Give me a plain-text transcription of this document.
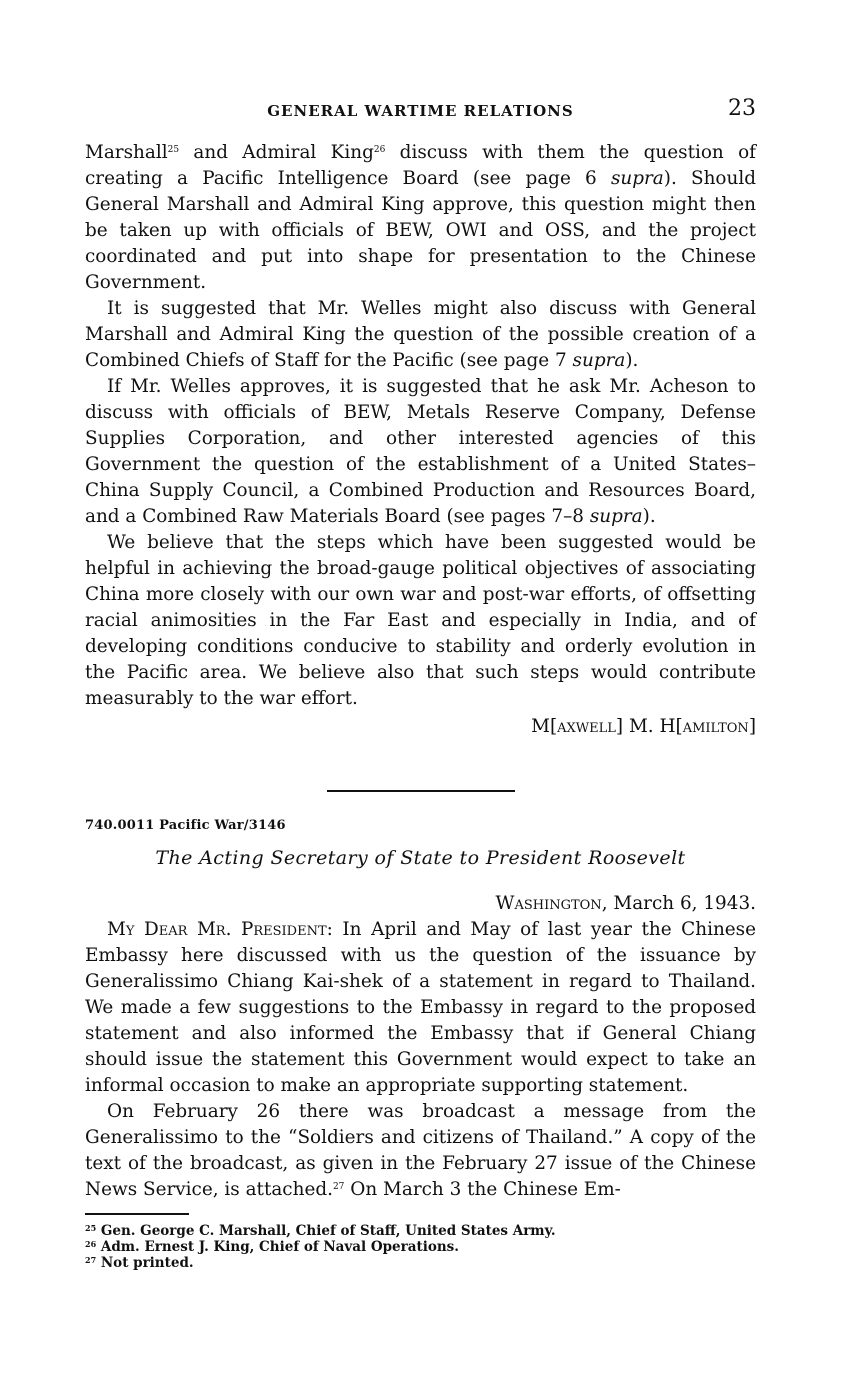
GENERAL WARTIME RELATIONS	23

Marshall$^{25}$ and Admiral King$^{26}$ discuss with them the question of creating a Pacific Intelligence Board (see page 6 supra). Should General Marshall and Admiral King approve, this question might then be taken up with officials of BEW, OWI and OSS, and the project coordinated and put into shape for presentation to the Chinese Government.

It is suggested that Mr. Welles might also discuss with General Marshall and Admiral King the question of the possible creation of a Combined Chiefs of Staff for the Pacific (see page 7 supra).

If Mr. Welles approves, it is suggested that he ask Mr. Acheson to discuss with officials of BEW, Metals Reserve Company, Defense Supplies Corporation, and other interested agencies of this Government the question of the establishment of a United States–China Supply Council, a Combined Production and Resources Board, and a Combined Raw Materials Board (see pages 7–8 supra).

We believe that the steps which have been suggested would be helpful in achieving the broad-gauge political objectives of associating China more closely with our own war and post-war efforts, of offsetting racial animosities in the Far East and especially in India, and of developing conditions conducive to stability and orderly evolution in the Pacific area. We believe also that such steps would contribute measurably to the war effort.

M[axwell] M. H[amilton]
740.0011 Pacific War/3146
The Acting Secretary of State to President Roosevelt
Washington, March 6, 1943.

My Dear Mr. President: In April and May of last year the Chinese Embassy here discussed with us the question of the issuance by Generalissimo Chiang Kai-shek of a statement in regard to Thailand. We made a few suggestions to the Embassy in regard to the proposed statement and also informed the Embassy that if General Chiang should issue the statement this Government would expect to take an informal occasion to make an appropriate supporting statement.

On February 26 there was broadcast a message from the Generalissimo to the “Soldiers and citizens of Thailand.” A copy of the text of the broadcast, as given in the February 27 issue of the Chinese News Service, is attached.$^{27}$ On March 3 the Chinese Em-

$^{25}$ Gen. George C. Marshall, Chief of Staff, United States Army.
$^{26}$ Adm. Ernest J. King, Chief of Naval Operations.
$^{27}$ Not printed.
